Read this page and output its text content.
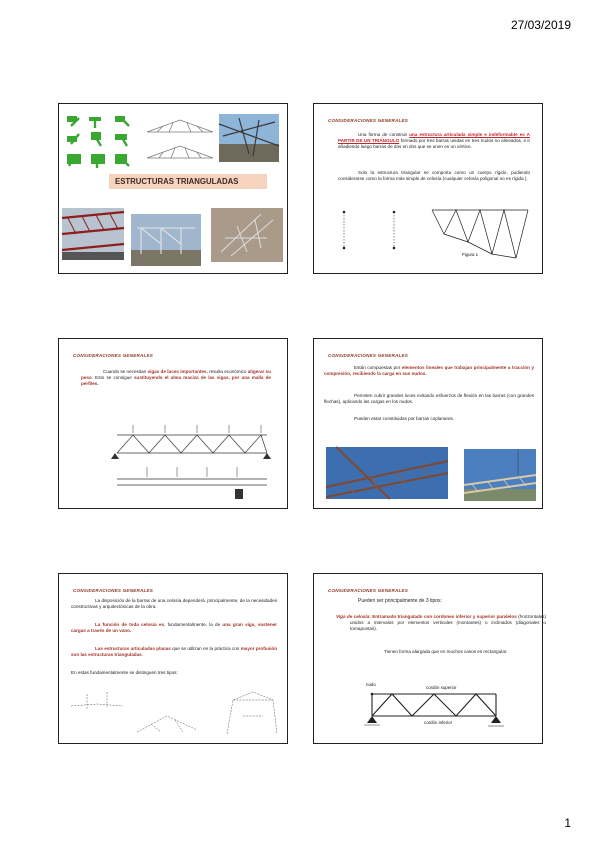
27/03/2019
ESTRUCTURAS TRIANGULADAS
CONSIDERACIONES GENERALES
Una forma de construir una estructura articulada simple e indeformable es A PARTIR DE UN TRIÁNGULO formado por tres barras unidas en tres nudos no alineados, e ir añadiendo luego barras de dos en dos que se unen en un vértice.
Solo la estructura triangular se comporta como un cuerpo rígido, pudiendo considerarse como la forma más simple de celosía (cualquier celosía poligonal no es rígida ).
Figura 1
CONSIDERACIONES GENERALES
Cuando se necesitan vigas de luces importantes, resulta económico aligerar su peso. Esto se consigue sustituyendo el alma maciza de las vigas, por una malla de perfiles.
CONSIDERACIONES GENERALES
Están compuestas por elementos lineales que trabajan principalmente a tracción y compresión, recibiendo la carga en sus nudos.
Permiten cubrir grandes luces evitando esfuerzos de flexión en las barras (con grandes flechas), aplicando las cargas en los nudos.
Pueden estar constituidas por barras coplanares.
CONSIDERACIONES GENERALES
La disposición de la barras de una celosía dependerá, principalmente, de la necesidades constructivas y arquitectónicas de la obra.
La función de toda celosía es, fundamentalmente, la de una gran viga, sostener cargas a través de un vano.
Las estructuras articuladas planas que se utilizan en la práctica con mayor profusión son las estructuras trianguladas.
En estas fundamentalmente se distinguen tres tipos:
CONSIDERACIONES GENERALES
Pueden ser principalmente de 3 tipos:
Viga de celosía: Entramado triangulado con cordones inferior y superior paralelos (horizontales) unidos a intervalos por elementos verticales (montantes) o inclinados (diagonales o tornapuntas).
Tienen forma alargada que en muchos casos es rectangular.
nudo
cordón superior
cordón inferior
1
